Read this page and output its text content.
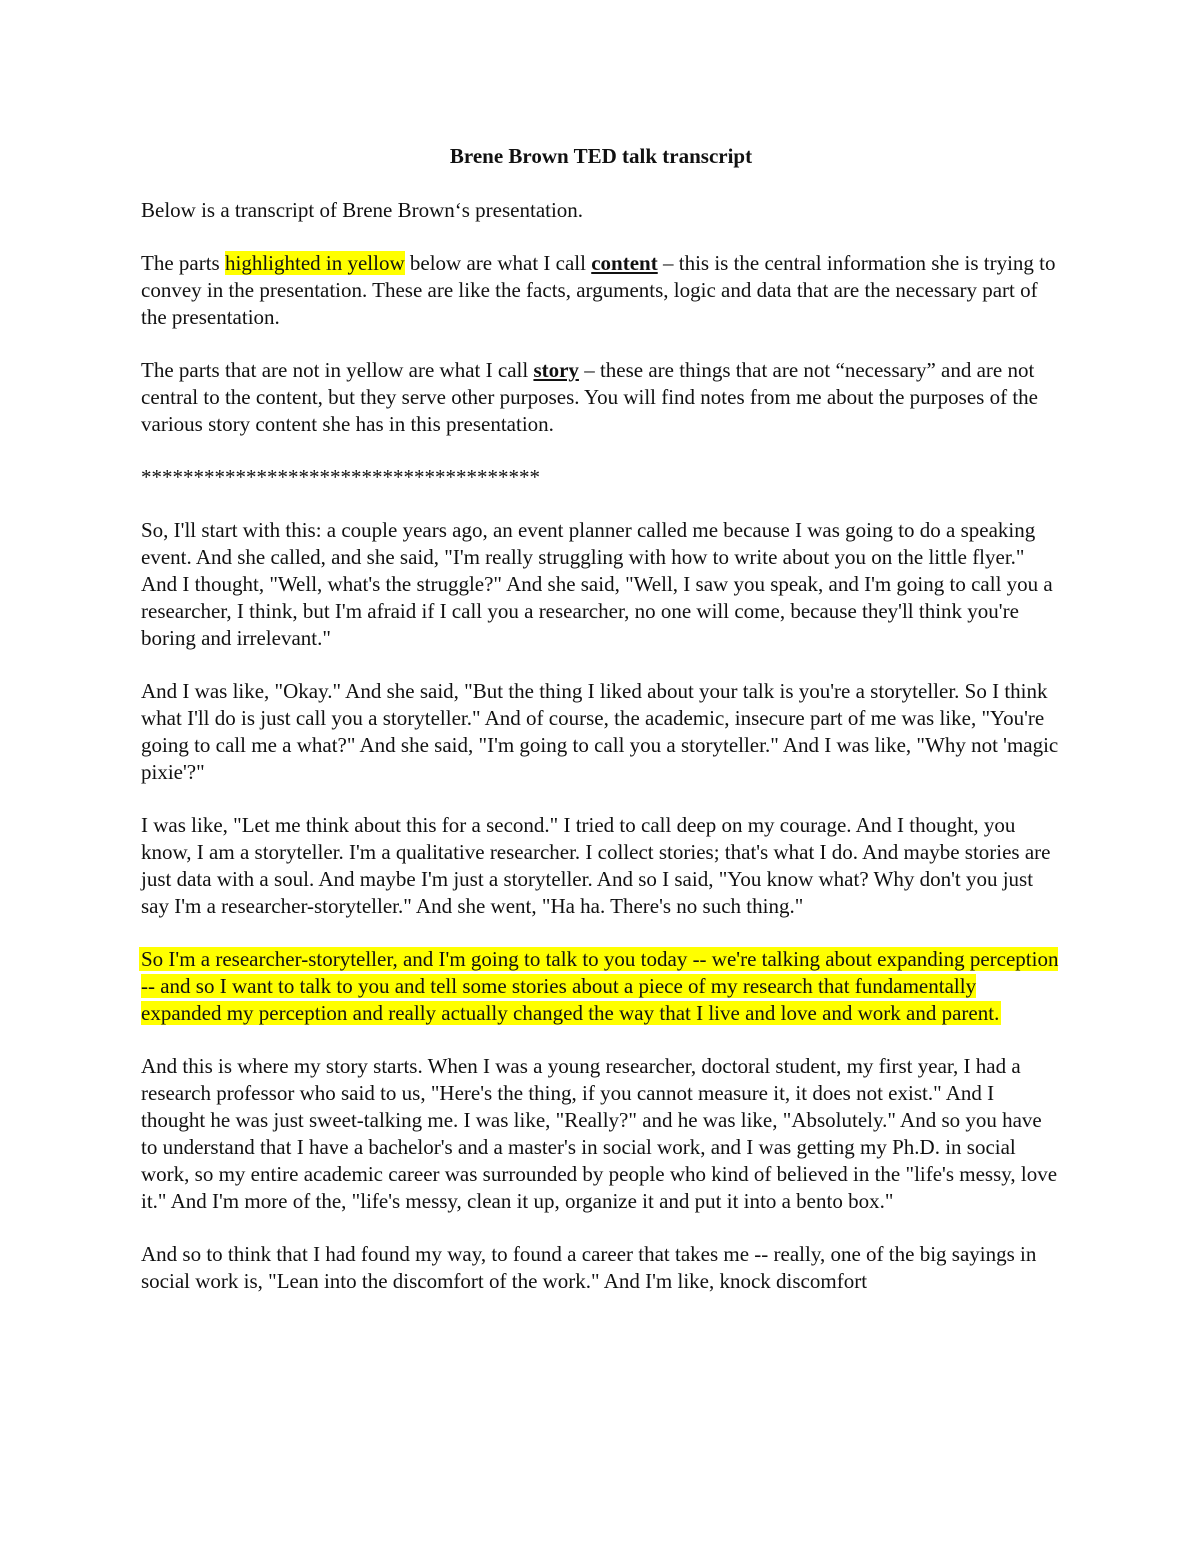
Brene Brown TED talk transcript

Below is a transcript of Brene Brown‘s presentation.

The parts highlighted in yellow below are what I call content – this is the central information she is trying to convey in the presentation. These are like the facts, arguments, logic and data that are the necessary part of the presentation.

The parts that are not in yellow are what I call story – these are things that are not “necessary” and are not central to the content, but they serve other purposes. You will find notes from me about the purposes of the various story content she has in this presentation.

**************************************

So, I'll start with this: a couple years ago, an event planner called me because I was going to do a speaking event. And she called, and she said, "I'm really struggling with how to write about you on the little flyer." And I thought, "Well, what's the struggle?" And she said, "Well, I saw you speak, and I'm going to call you a researcher, I think, but I'm afraid if I call you a researcher, no one will come, because they'll think you're boring and irrelevant."

And I was like, "Okay." And she said, "But the thing I liked about your talk is you're a storyteller. So I think what I'll do is just call you a storyteller." And of course, the academic, insecure part of me was like, "You're going to call me a what?" And she said, "I'm going to call you a storyteller." And I was like, "Why not 'magic pixie'?"

I was like, "Let me think about this for a second." I tried to call deep on my courage. And I thought, you know, I am a storyteller. I'm a qualitative researcher. I collect stories; that's what I do. And maybe stories are just data with a soul. And maybe I'm just a storyteller. And so I said, "You know what? Why don't you just say I'm a researcher-storyteller." And she went, "Ha ha. There's no such thing."

So I'm a researcher-storyteller, and I'm going to talk to you today -- we're talking about expanding perception -- and so I want to talk to you and tell some stories about a piece of my research that fundamentally expanded my perception and really actually changed the way that I live and love and work and parent.

And this is where my story starts. When I was a young researcher, doctoral student, my first year, I had a research professor who said to us, "Here's the thing, if you cannot measure it, it does not exist." And I thought he was just sweet-talking me. I was like, "Really?" and he was like, "Absolutely." And so you have to understand that I have a bachelor's and a master's in social work, and I was getting my Ph.D. in social work, so my entire academic career was surrounded by people who kind of believed in the "life's messy, love it." And I'm more of the, "life's messy, clean it up, organize it and put it into a bento box."

And so to think that I had found my way, to found a career that takes me -- really, one of the big sayings in social work is, "Lean into the discomfort of the work." And I'm like, knock discomfort
